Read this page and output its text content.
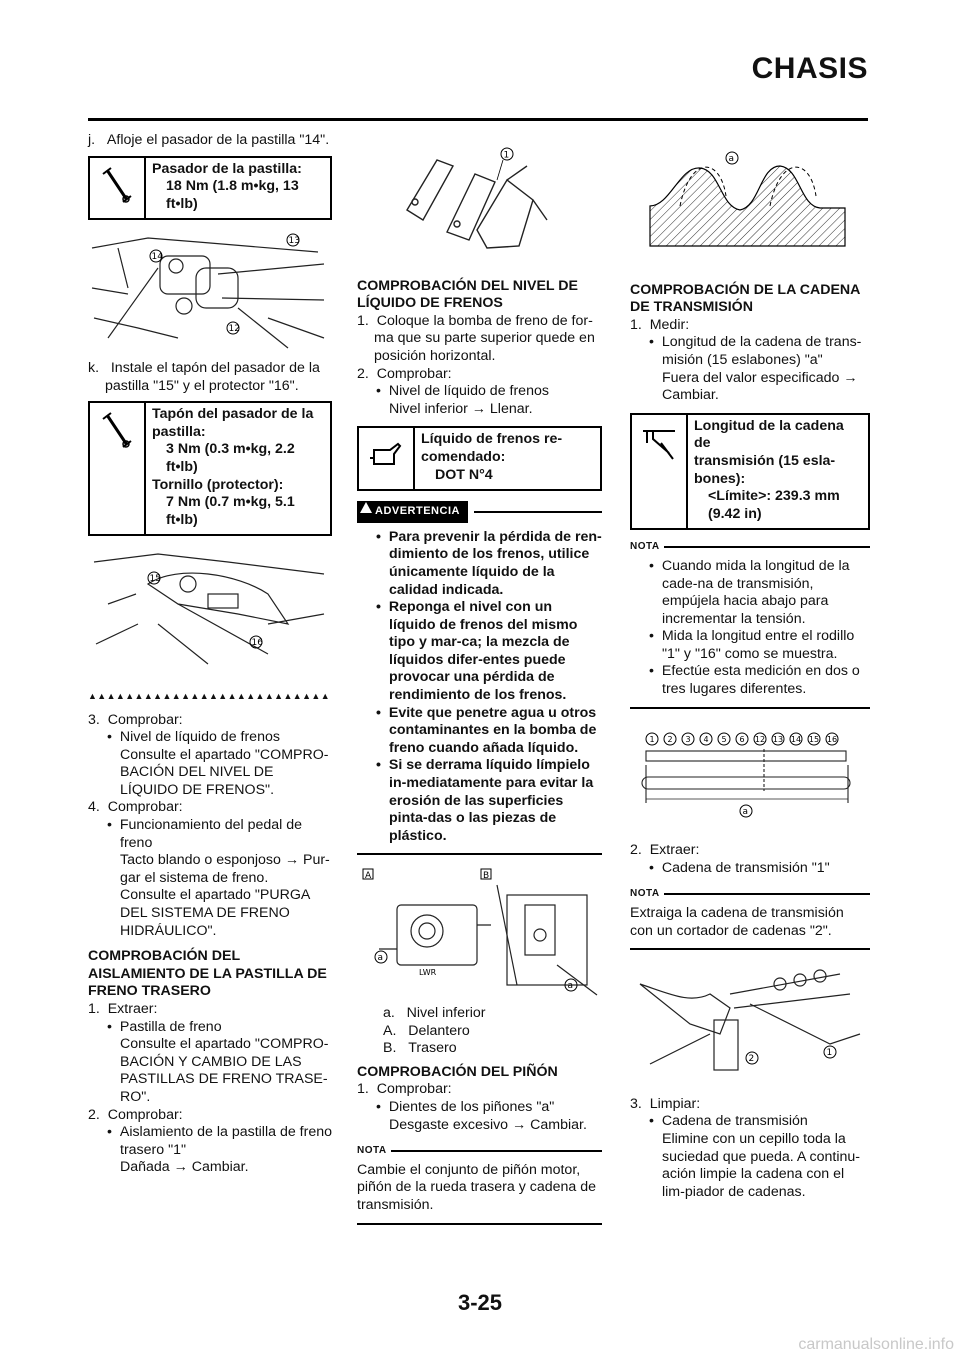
CHASIS

j.   Afloje el pasador de la pastilla "14".

Pasador de la pastilla:
18 Nm (1.8 m•kg, 13
ft•lb)
13
14
12

k.   Instale el tapón del pasador de la pastilla "15" y el protector "16".

Tapón del pasador de la
pastilla:
3 Nm (0.3 m•kg, 2.2
ft•lb)
Tornillo (protector):
7 Nm (0.7 m•kg, 5.1
ft•lb)
15
16
▲▲▲▲▲▲▲▲▲▲▲▲▲▲▲▲▲▲▲▲▲▲▲▲▲▲

3.  Comprobar:

•  Nivel de líquido de frenos

Consulte el apartado "COMPRO-BACIÓN DEL NIVEL DE LÍQUIDO DE FRENOS".

4.  Comprobar:

•  Funcionamiento del pedal de freno

Tacto blando o esponjoso → Pur-gar el sistema de freno.

Consulte el apartado "PURGA DEL SISTEMA DE FRENO HIDRÁULICO".

COMPROBACIÓN DEL AISLAMIENTO DE LA PASTILLA DE FRENO TRASERO

1.  Extraer:

•  Pastilla de freno

Consulte el apartado "COMPRO-BACIÓN Y CAMBIO DE LAS PASTILLAS DE FRENO TRASE-RO".

2.  Comprobar:

•  Aislamiento de la pastilla de freno trasero "1"

Dañada → Cambiar.

1

COMPROBACIÓN DEL NIVEL DE LÍQUIDO DE FRENOS

1.  Coloque la bomba de freno de for-ma que su parte superior quede en posición horizontal.

2.  Comprobar:

•  Nivel de líquido de frenos

Nivel inferior → Llenar.

Líquido de frenos re-
comendado:
DOT N°4
ADVERTENCIA

•  Para prevenir la pérdida de ren-dimiento de los frenos, utilice únicamente líquido de la calidad indicada.

•  Reponga el nivel con un líquido de frenos del mismo tipo y mar-ca; la mezcla de líquidos difer-entes puede provocar una pérdida de rendimiento de los frenos.

•  Evite que penetre agua u otros contaminantes en la bomba de freno cuando añada líquido.

•  Si se derrama líquido límpielo in-mediatamente para evitar la erosión de las superficies pinta-das o las piezas de plástico.

A	B
LWR
a
a

a.   Nivel inferior

A.   Delantero

B.   Trasero

COMPROBACIÓN DEL PIÑÓN

1.  Comprobar:

•  Dientes de los piñones "a"

Desgaste excesivo → Cambiar.

NOTA

Cambie el conjunto de piñón motor, piñón de la rueda trasera y cadena de transmisión.

a

COMPROBACIÓN DE LA CADENA DE TRANSMISIÓN

1.  Medir:

•  Longitud de la cadena de trans-misión (15 eslabones) "a"

Fuera del valor especificado → Cambiar.

Longitud de la cadena de
transmisión (15 esla-
bones):
<Límite>: 239.3 mm
(9.42 in)
NOTA

•  Cuando mida la longitud de la cade-na de transmisión, empújela hacia abajo para incrementar la tensión.

•  Mida la longitud entre el rodillo "1" y "16" como se muestra.

•  Efectúe esta medición en dos o tres lugares diferentes.

1 2 3 4 5 6 12 13 14 15 16
a

2.  Extraer:

•  Cadena de transmisión "1"

NOTA

Extraiga la cadena de transmisión con un cortador de cadenas "2".

2
1

3.  Limpiar:

•  Cadena de transmisión

Elimine con un cepillo toda la suciedad que pueda. A continu-ación limpie la cadena con el lim-piador de cadenas.

3-25
carmanualsonline.info
